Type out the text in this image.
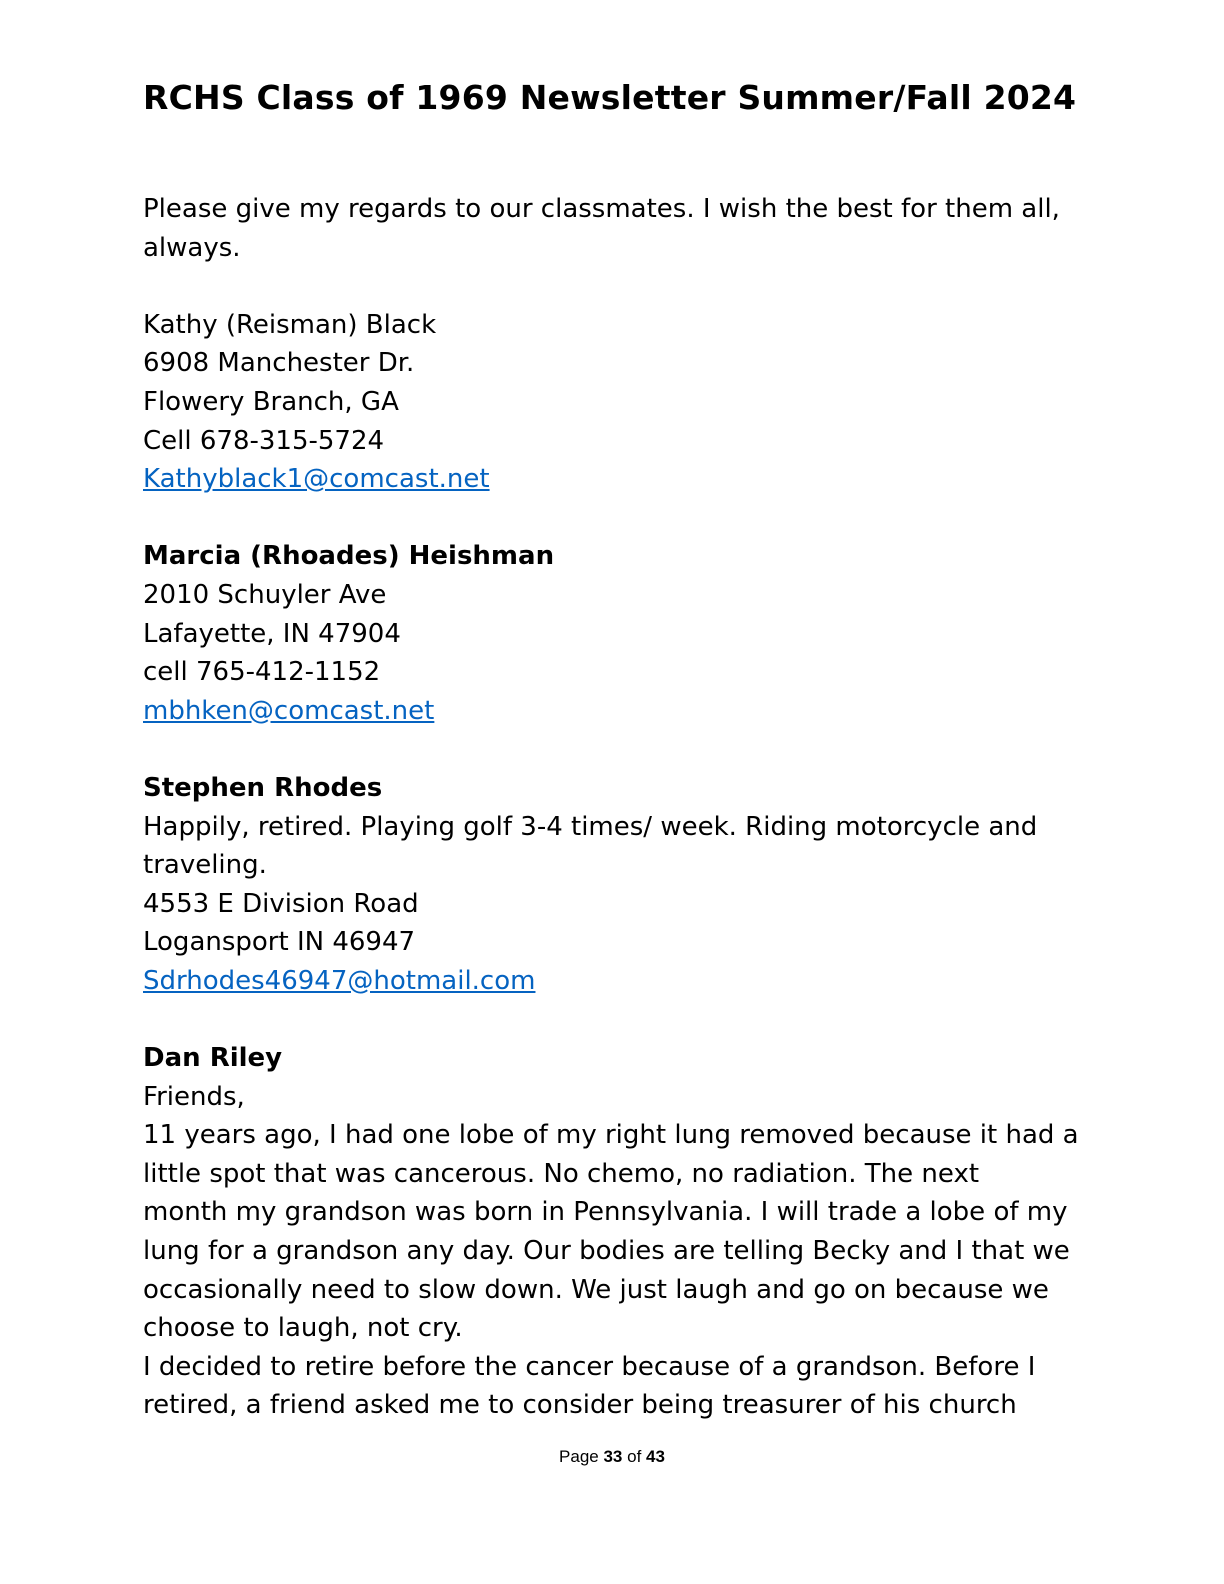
RCHS Class of 1969 Newsletter Summer/Fall 2024
Please give my regards to our classmates. I wish the best for them all,
always.
Kathy (Reisman) Black
6908 Manchester Dr.
Flowery Branch, GA
Cell 678-315-5724
Kathyblack1@comcast.net
Marcia (Rhoades) Heishman
2010 Schuyler Ave
Lafayette, IN 47904
cell 765-412-1152
mbhken@comcast.net
Stephen Rhodes
Happily, retired. Playing golf 3-4 times/ week. Riding motorcycle and
traveling.
4553 E Division Road
Logansport IN 46947
Sdrhodes46947@hotmail.com
Dan Riley
Friends,
11 years ago, I had one lobe of my right lung removed because it had a
little spot that was cancerous. No chemo, no radiation. The next
month my grandson was born in Pennsylvania. I will trade a lobe of my
lung for a grandson any day. Our bodies are telling Becky and I that we
occasionally need to slow down. We just laugh and go on because we
choose to laugh, not cry.
I decided to retire before the cancer because of a grandson. Before I
retired, a friend asked me to consider being treasurer of his church
Page 33 of 43
